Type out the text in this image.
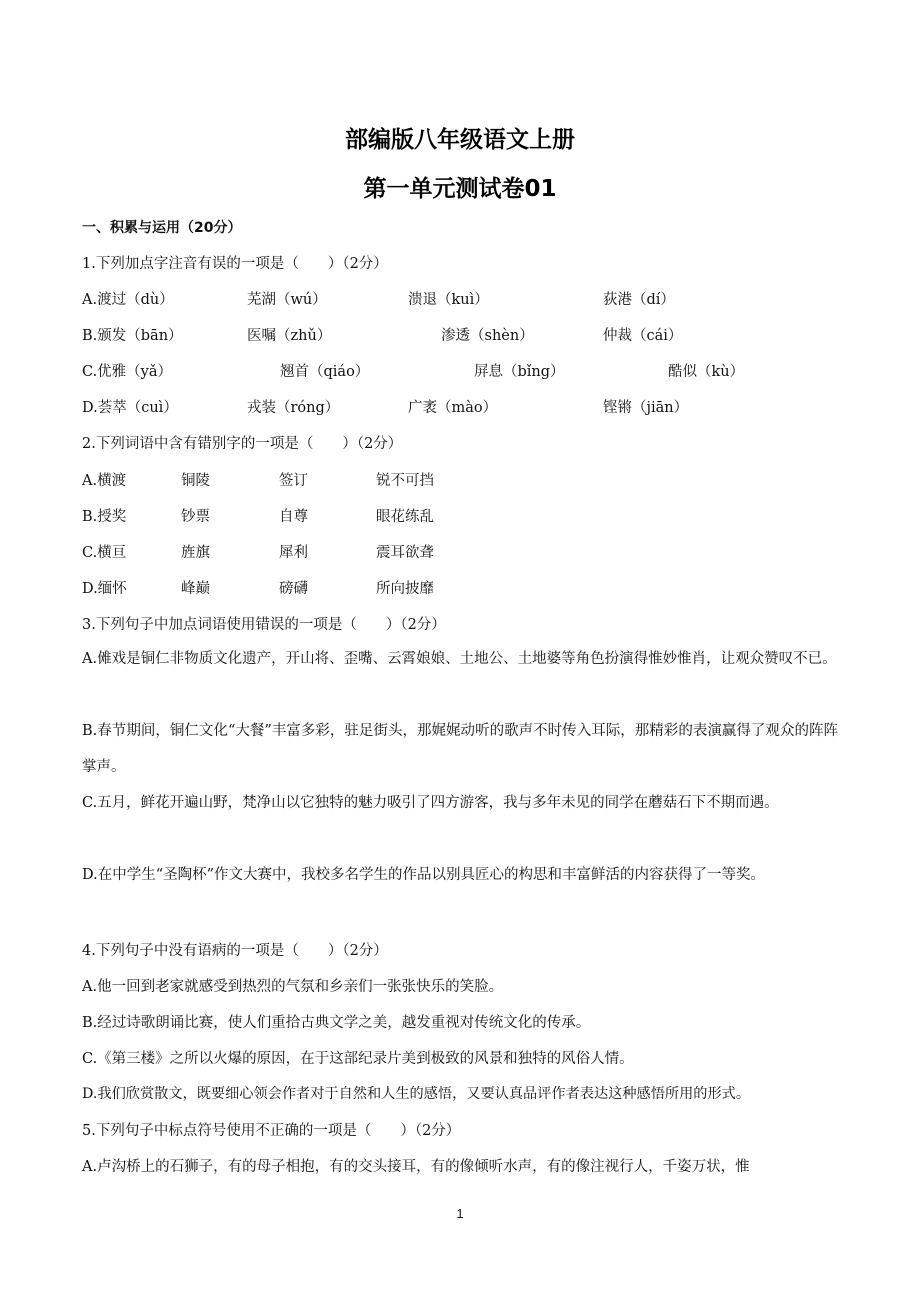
部编版八年级语文上册
第一单元测试卷01
一、积累与运用（20分）
1.下列加点字注音有误的一项是（　　）（2分）
A.渡过（dù）	芜湖（wú）	溃退（kuì）	荻港（dí）
B.颁发（bān）	医嘱（zhǔ）	渗透（shèn）	仲裁（cái）
C.优雅（yǎ）	翘首（qiáo）	屏息（bǐng）	酷似（kù）
D.荟萃（cuì）	戎装（róng）	广袤（mào）	铿锵（jiān）
2.下列词语中含有错别字的一项是（　　）（2分）
A.横渡	铜陵	签订	锐不可挡
B.授奖	钞票	自尊	眼花练乱
C.横亘	旌旗	犀利	震耳欲聋
D.缅怀	峰巅	磅礴	所向披靡
3.下列句子中加点词语使用错误的一项是（　　）（2分）
A.傩戏是铜仁非物质文化遗产，开山将、歪嘴、云霄娘娘、土地公、土地婆等角色扮演得惟妙惟肖，让观众赞叹不已。
B.春节期间，铜仁文化“大餐”丰富多彩，驻足街头，那娓娓动听的歌声不时传入耳际，那精彩的表演赢得了观众的阵阵掌声。
C.五月，鲜花开遍山野，梵净山以它独特的魅力吸引了四方游客，我与多年未见的同学在蘑菇石下不期而遇。
D.在中学生“圣陶杯”作文大赛中，我校多名学生的作品以别具匠心的构思和丰富鲜活的内容获得了一等奖。
4.下列句子中没有语病的一项是（　　）（2分）
A.他一回到老家就感受到热烈的气氛和乡亲们一张张快乐的笑脸。
B.经过诗歌朗诵比赛，使人们重拾古典文学之美，越发重视对传统文化的传承。
C.《第三楼》之所以火爆的原因，在于这部纪录片美到极致的风景和独特的风俗人情。
D.我们欣赏散文，既要细心领会作者对于自然和人生的感悟，又要认真品评作者表达这种感悟所用的形式。
5.下列句子中标点符号使用不正确的一项是（　　）（2分）
A.卢沟桥上的石狮子，有的母子相抱，有的交头接耳，有的像倾听水声，有的像注视行人，千姿万状，惟
1
